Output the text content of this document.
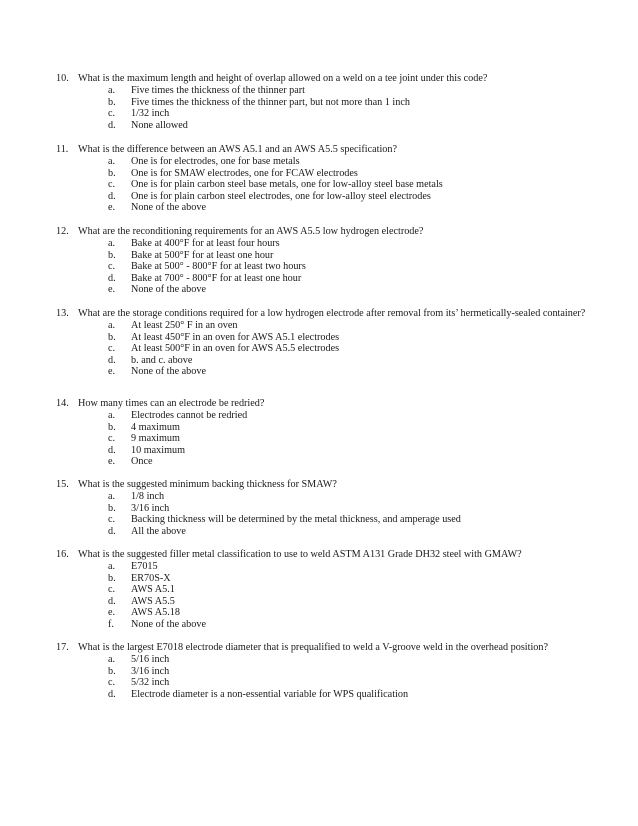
10. What is the maximum length and height of overlap allowed on a weld on a tee joint under this code?
a. Five times the thickness of the thinner part
b. Five times the thickness of the thinner part, but not more than 1 inch
c. 1/32 inch
d. None allowed
11. What is the difference between an AWS A5.1 and an AWS A5.5 specification?
a. One is for electrodes, one for base metals
b. One is for SMAW electrodes, one for FCAW electrodes
c. One is for plain carbon steel base metals, one for low-alloy steel base metals
d. One is for plain carbon steel electrodes, one for low-alloy steel electrodes
e. None of the above
12. What are the reconditioning requirements for an AWS A5.5 low hydrogen electrode?
a. Bake at 400°F for at least four hours
b. Bake at 500°F for at least one hour
c. Bake at 500° - 800°F for at least two hours
d. Bake at 700° - 800°F for at least one hour
e. None of the above
13. What are the storage conditions required for a low hydrogen electrode after removal from its’ hermetically-sealed container?
a. At least 250° F in an oven
b. At least 450°F in an oven for AWS A5.1 electrodes
c. At least 500°F in an oven for AWS A5.5 electrodes
d. b. and c. above
e. None of the above
14. How many times can an electrode be redried?
a. Electrodes cannot be redried
b. 4 maximum
c. 9 maximum
d. 10 maximum
e. Once
15. What is the suggested minimum backing thickness for SMAW?
a. 1/8 inch
b. 3/16 inch
c. Backing thickness will be determined by the metal thickness, and amperage used
d. All the above
16. What is the suggested filler metal classification to use to weld ASTM A131 Grade DH32 steel with GMAW?
a. E7015
b. ER70S-X
c. AWS A5.1
d. AWS A5.5
e. AWS A5.18
f. None of the above
17. What is the largest E7018 electrode diameter that is prequalified to weld a V-groove weld in the overhead position?
a. 5/16 inch
b. 3/16 inch
c. 5/32 inch
d. Electrode diameter is a non-essential variable for WPS qualification
